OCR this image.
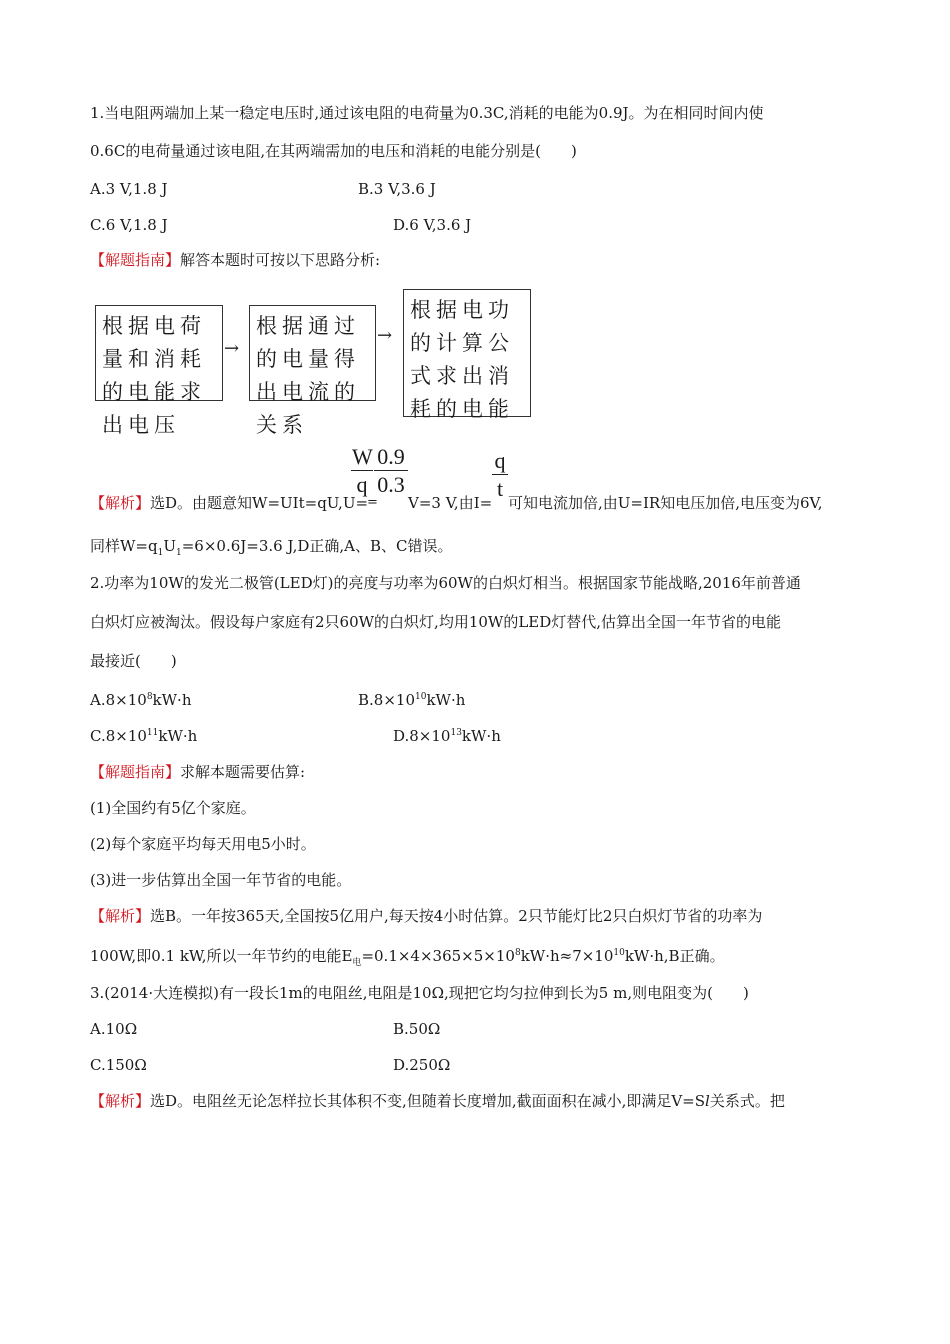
1.当电阻两端加上某一稳定电压时,通过该电阻的电荷量为0.3C,消耗的电能为0.9J。为在相同时间内使
0.6C的电荷量通过该电阻,在其两端需加的电压和消耗的电能分别是(　　)
A.3 V,1.8 J	B.3 V,3.6 J
C.6 V,1.8 J	D.6 V,3.6 J
【解题指南】解答本题时可按以下思路分析:
根据电荷量和消耗的电能求出电压
→
根据通过的电量得出电流的关系
→
根据电功的计算公式求出消耗的电能
$\frac{W}{q} \frac{0.9}{0.3}$	$\frac{q}{t}$
【解析】选D。由题意知W=UIt=qU,U=
= V=3 V,由I= 可知电流加倍,由U=IR知电压加倍,电压变为6V,
同样$W=q_1U_1=6\times 0.6J=3.6$ J,D正确,A、B、C错误。
2.功率为10W的发光二极管(LED灯)的亮度与功率为60W的白炽灯相当。根据国家节能战略,2016年前普通
白炽灯应被淘汰。假设每户家庭有2只60W的白炽灯,均用10W的LED灯替代,估算出全国一年节省的电能
最接近(　　)
$A.8\times 10^8kW\cdot h$	$B.8\times 10^{10}kW\cdot h$
$C.8\times 10^{11}kW\cdot h$	$D.8\times 10^{13}kW\cdot h$
【解题指南】求解本题需要估算:
(1)全国约有5亿个家庭。
(2)每个家庭平均每天用电5小时。
(3)进一步估算出全国一年节省的电能。
【解析】选B。一年按365天,全国按5亿用户,每天按4小时估算。2只节能灯比2只白炽灯节省的功率为
100W,即0.1 kW,所以一年节约的电能$E_电=0.1\times 4\times 365\times 5\times 10^8kW\cdot h\approx 7\times 10^{10}kW\cdot h,B$正确。
3.(2014·大连模拟)有一段长1m的电阻丝,电阻是10Ω,现把它均匀拉伸到长为5 m,则电阻变为(　　)
A.10Ω	B.50Ω
C.150Ω	D.250Ω
【解析】选D。电阻丝无论怎样拉长其体积不变,但随着长度增加,截面面积在减小,即满足V=Sl关系式。把
